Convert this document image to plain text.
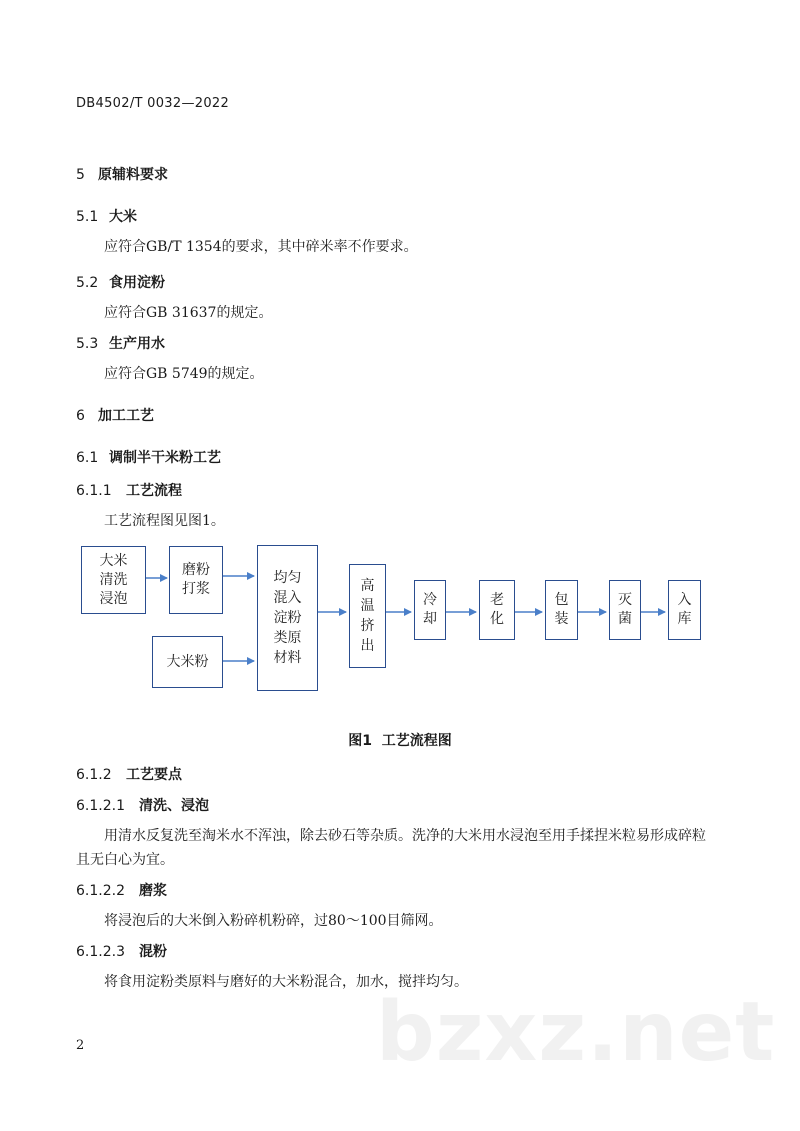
DB4502/T 0032—2022
5 原辅料要求
5.1 大米
应符合GB/T 1354的要求，其中碎米率不作要求。
5.2 食用淀粉
应符合GB 31637的规定。
5.3 生产用水
应符合GB 5749的规定。
6 加工工艺
6.1 调制半干米粉工艺
6.1.1 工艺流程
工艺流程图见图1。
大米
清洗
浸泡
磨粉
打浆
大米粉
均匀
混入
淀粉
类原
材料
高
温
挤
出
冷
却
老
化
包
装
灭
菌
入
库
图1  工艺流程图
6.1.2 工艺要点
6.1.2.1 清洗、浸泡
用清水反复洗至淘米水不浑浊，除去砂石等杂质。洗净的大米用水浸泡至用手揉捏米粒易形成碎粒
且无白心为宜。
6.1.2.2 磨浆
将浸泡后的大米倒入粉碎机粉碎，过80～100目筛网。
6.1.2.3 混粉
将食用淀粉类原料与磨好的大米粉混合，加水，搅拌均匀。
bzxz.net
2
